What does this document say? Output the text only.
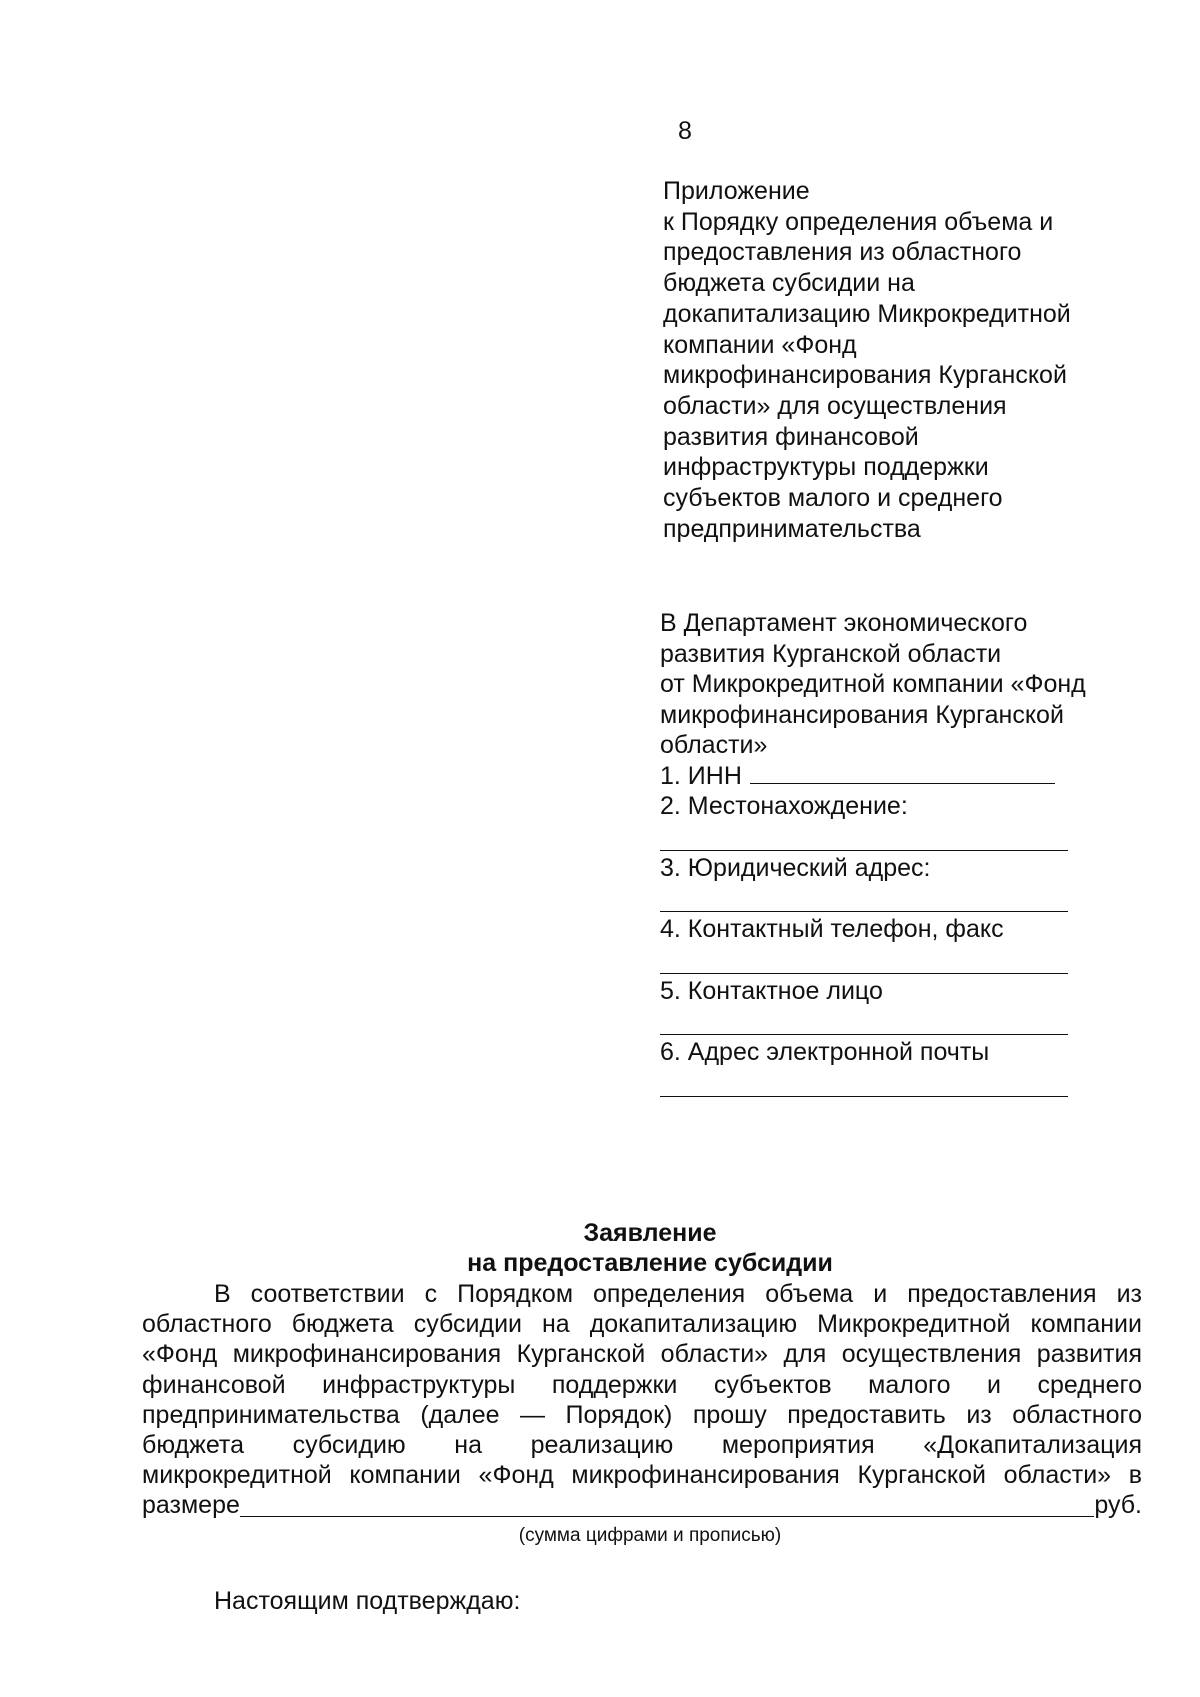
8
Приложение
к Порядку определения объема и
предоставления из областного
бюджета субсидии на
докапитализацию Микрокредитной
компании «Фонд
микрофинансирования Курганской
области» для осуществления
развития финансовой
инфраструктуры поддержки
субъектов малого и среднего
предпринимательства
В Департамент экономического
развития Курганской области
от Микрокредитной компании «Фонд
микрофинансирования Курганской
области»
1. ИНН
2. Местонахождение:
3. Юридический адрес:
4. Контактный телефон, факс
5. Контактное лицо
6. Адрес электронной почты
Заявление
на предоставление субсидии
В соответствии с Порядком определения объема и предоставления из
областного бюджета субсидии на докапитализацию Микрокредитной компании
«Фонд микрофинансирования Курганской области» для осуществления развития
финансовой инфраструктуры поддержки субъектов малого и среднего
предпринимательства (далее — Порядок) прошу предоставить из областного
бюджета субсидию на реализацию мероприятия «Докапитализация
микрокредитной компании «Фонд микрофинансирования Курганской области» в
размере	руб.
(сумма цифрами и прописью)
Настоящим подтверждаю:
